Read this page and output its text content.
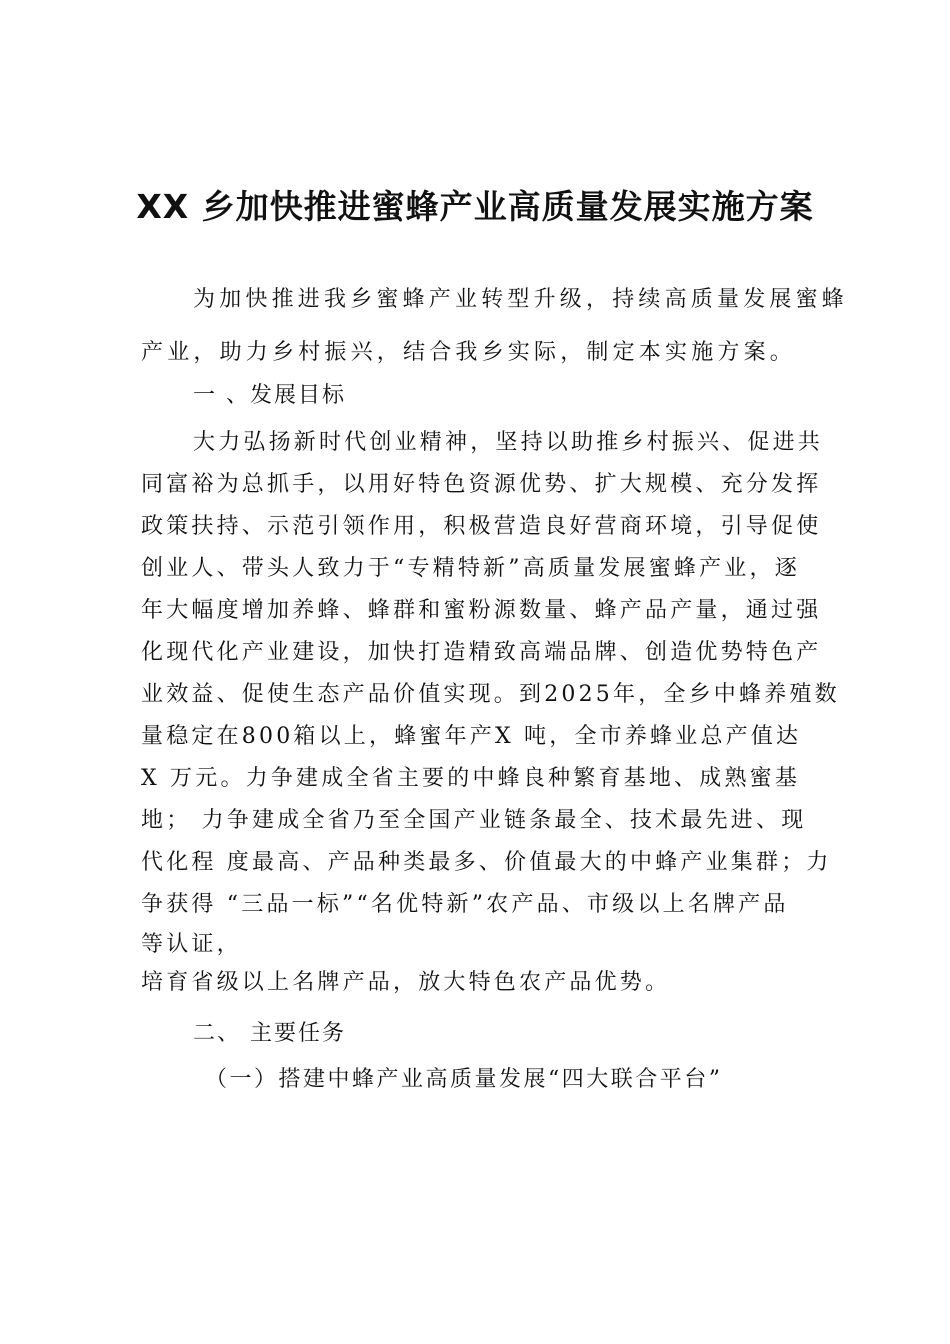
XX 乡加快推进蜜蜂产业高质量发展实施方案
为加快推进我乡蜜蜂产业转型升级，持续高质量发展蜜蜂
产业，助力乡村振兴，结合我乡实际，制定本实施方案。
一 、发展目标
大力弘扬新时代创业精神，坚持以助推乡村振兴、促进共
同富裕为总抓手，以用好特色资源优势、扩大规模、充分发挥
政策扶持、示范引领作用，积极营造良好营商环境，引导促使
创业人、带头人致力于“专精特新”高质量发展蜜蜂产业，逐
年大幅度增加养蜂、蜂群和蜜粉源数量、蜂产品产量，通过强
化现代化产业建设，加快打造精致高端品牌、创造优势特色产
业效益、促使生态产品价值实现。到2025年，全乡中蜂养殖数
量稳定在800箱以上，蜂蜜年产X 吨，全市养蜂业总产值达
X 万元。力争建成全省主要的中蜂良种繁育基地、成熟蜜基
地； 力争建成全省乃至全国产业链条最全、技术最先进、现
代化程 度最高、产品种类最多、价值最大的中蜂产业集群；力
争获得 “三品一标”“名优特新”农产品、市级以上名牌产品
等认证，
培育省级以上名牌产品，放大特色农产品优势。
二、 主要任务
（一）搭建中蜂产业高质量发展“四大联合平台”
